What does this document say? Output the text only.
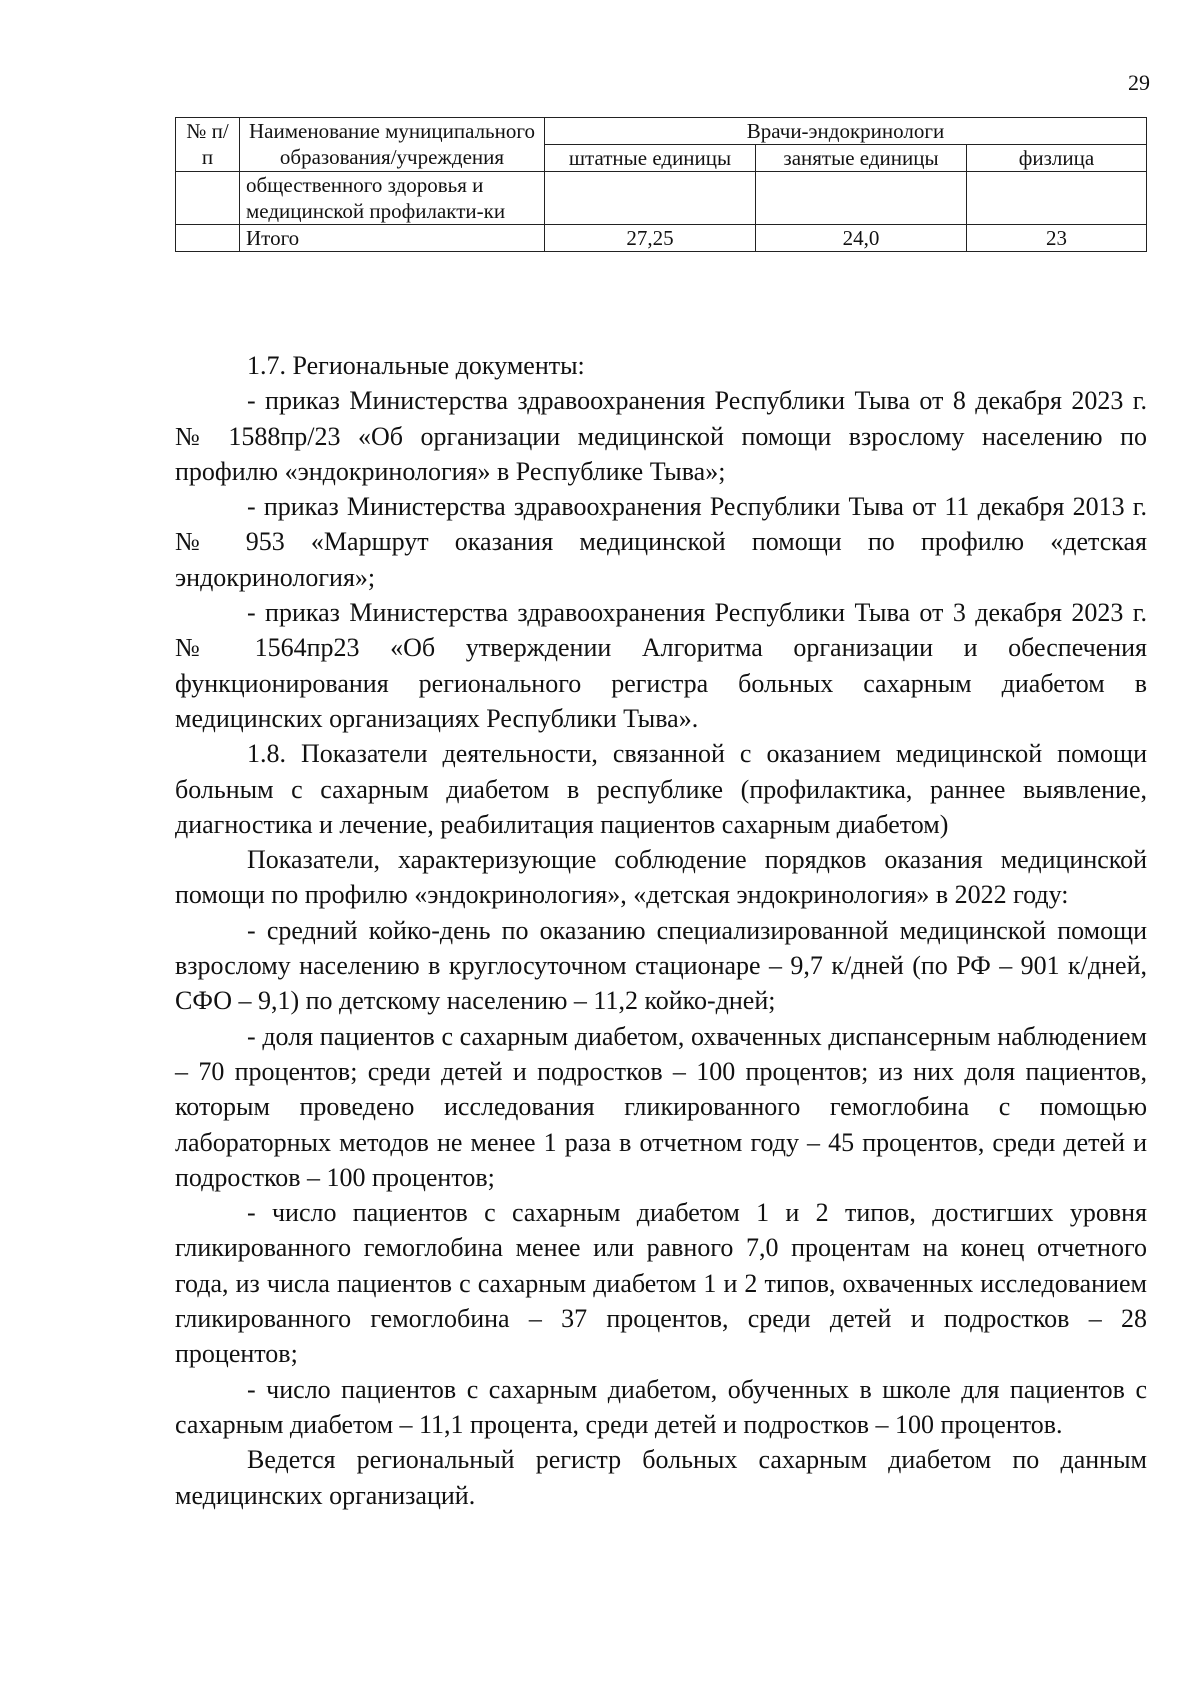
29
№ п/п	Наименование муниципального образования/учреждения	Врачи-эндокринологи		
		штатные единицы	занятые единицы	физлица
	общественного здоровья и медицинской профилакти-ки			
	Итого	27,25	24,0	23

1.7. Региональные документы:

- приказ Министерства здравоохранения Республики Тыва от 8 декабря 2023 г. № 1588пр/23 «Об организации медицинской помощи взрослому населению по профилю «эндокринология» в Республике Тыва»;

- приказ Министерства здравоохранения Республики Тыва от 11 декабря 2013 г. № 953 «Маршрут оказания медицинской помощи по профилю «детская эндокринология»;

- приказ Министерства здравоохранения Республики Тыва от 3 декабря 2023 г. № 1564пр23 «Об утверждении Алгоритма организации и обеспечения функционирования регионального регистра больных сахарным диабетом в медицинских организациях Республики Тыва».

1.8. Показатели деятельности, связанной с оказанием медицинской помощи больным с сахарным диабетом в республике (профилактика, раннее выявление, диагностика и лечение, реабилитация пациентов сахарным диабетом)

Показатели, характеризующие соблюдение порядков оказания медицинской помощи по профилю «эндокринология», «детская эндокринология» в 2022 году:

- средний койко-день по оказанию специализированной медицинской помощи взрослому населению в круглосуточном стационаре – 9,7 к/дней (по РФ – 901 к/дней, СФО – 9,1) по детскому населению – 11,2 койко-дней;

- доля пациентов с сахарным диабетом, охваченных диспансерным наблюдением – 70 процентов; среди детей и подростков – 100 процентов; из них доля пациентов, которым проведено исследования гликированного гемоглобина с помощью лабораторных методов не менее 1 раза в отчетном году – 45 процентов, среди детей и подростков – 100 процентов;

- число пациентов с сахарным диабетом 1 и 2 типов, достигших уровня гликированного гемоглобина менее или равного 7,0 процентам на конец отчетного года, из числа пациентов с сахарным диабетом 1 и 2 типов, охваченных исследованием гликированного гемоглобина – 37 процентов, среди детей и подростков – 28 процентов;

- число пациентов с сахарным диабетом, обученных в школе для пациентов с сахарным диабетом – 11,1 процента, среди детей и подростков – 100 процентов.

Ведется региональный регистр больных сахарным диабетом по данным медицинских организаций.
